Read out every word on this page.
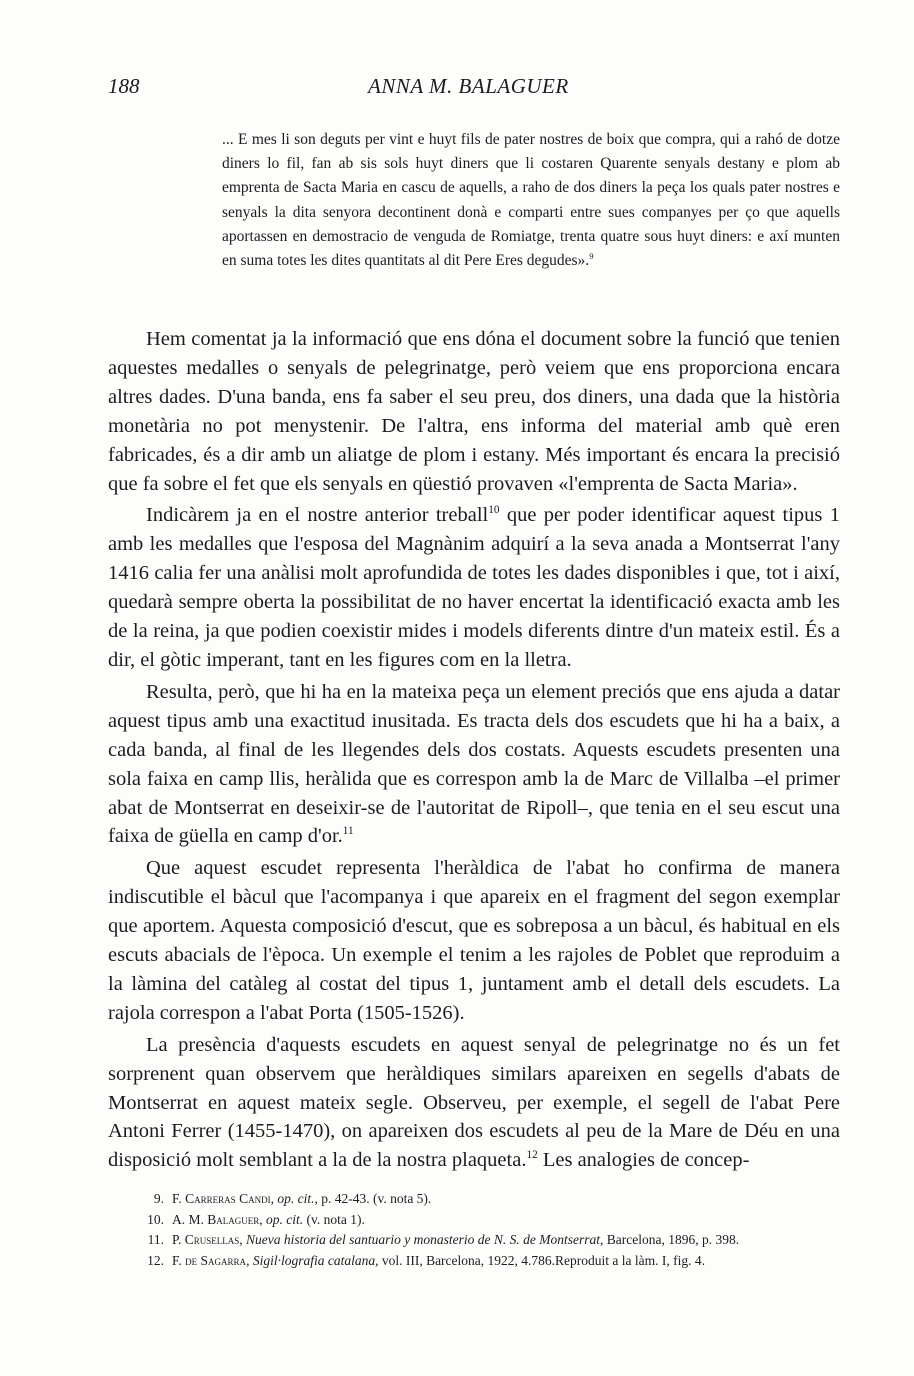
188	ANNA M. BALAGUER

... E mes li son deguts per vint e huyt fils de pater nostres de boix que compra, qui a rahó de dotze diners lo fil, fan ab sis sols huyt diners que li costaren Quarente senyals destany e plom ab emprenta de Sacta Maria en cascu de aquells, a raho de dos diners la peça los quals pater nostres e senyals la dita senyora decontinent donà e comparti entre sues companyes per ço que aquells aportassen en demostracio de venguda de Romiatge, trenta quatre sous huyt diners: e axí munten en suma totes les dites quantitats al dit Pere Eres degudes».$^9$

Hem comentat ja la informació que ens dóna el document sobre la funció que tenien aquestes medalles o senyals de pelegrinatge, però veiem que ens proporciona encara altres dades. D'una banda, ens fa saber el seu preu, dos diners, una dada que la història monetària no pot menystenir. De l'altra, ens informa del material amb què eren fabricades, és a dir amb un aliatge de plom i estany. Més important és encara la precisió que fa sobre el fet que els senyals en qüestió provaven «l'emprenta de Sacta Maria».

Indicàrem ja en el nostre anterior treball$^{10}$ que per poder identificar aquest tipus 1 amb les medalles que l'esposa del Magnànim adquirí a la seva anada a Montserrat l'any 1416 calia fer una anàlisi molt aprofundida de totes les dades disponibles i que, tot i així, quedarà sempre oberta la possibilitat de no haver encertat la identificació exacta amb les de la reina, ja que podien coexistir mides i models diferents dintre d'un mateix estil. És a dir, el gòtic imperant, tant en les figures com en la lletra.

Resulta, però, que hi ha en la mateixa peça un element preciós que ens ajuda a datar aquest tipus amb una exactitud inusitada. Es tracta dels dos escudets que hi ha a baix, a cada banda, al final de les llegendes dels dos costats. Aquests escudets presenten una sola faixa en camp llis, heràlida que es correspon amb la de Marc de Villalba –el primer abat de Montserrat en deseixir-se de l'autoritat de Ripoll–, que tenia en el seu escut una faixa de güella en camp d'or.$^{11}$

Que aquest escudet representa l'heràldica de l'abat ho confirma de manera indiscutible el bàcul que l'acompanya i que apareix en el fragment del segon exemplar que aportem. Aquesta composició d'escut, que es sobreposa a un bàcul, és habitual en els escuts abacials de l'època. Un exemple el tenim a les rajoles de Poblet que reproduim a la làmina del catàleg al costat del tipus 1, juntament amb el detall dels escudets. La rajola correspon a l'abat Porta (1505-1526).

La presència d'aquests escudets en aquest senyal de pelegrinatge no és un fet sorprenent quan observem que heràldiques similars apareixen en segells d'abats de Montserrat en aquest mateix segle. Observeu, per exemple, el segell de l'abat Pere Antoni Ferrer (1455-1470), on apareixen dos escudets al peu de la Mare de Déu en una disposició molt semblant a la de la nostra plaqueta.$^{12}$ Les analogies de concep-

9. F. Carreras Candi, op. cit., p. 42-43. (v. nota 5).
10. A. M. Balaguer, op. cit. (v. nota 1).
11. P. Crusellas, Nueva historia del santuario y monasterio de N. S. de Montserrat, Barcelona, 1896, p. 398.
12. F. de Sagarra, Sigil·lografia catalana, vol. III, Barcelona, 1922, 4.786.Reproduit a la làm. I, fig. 4.
